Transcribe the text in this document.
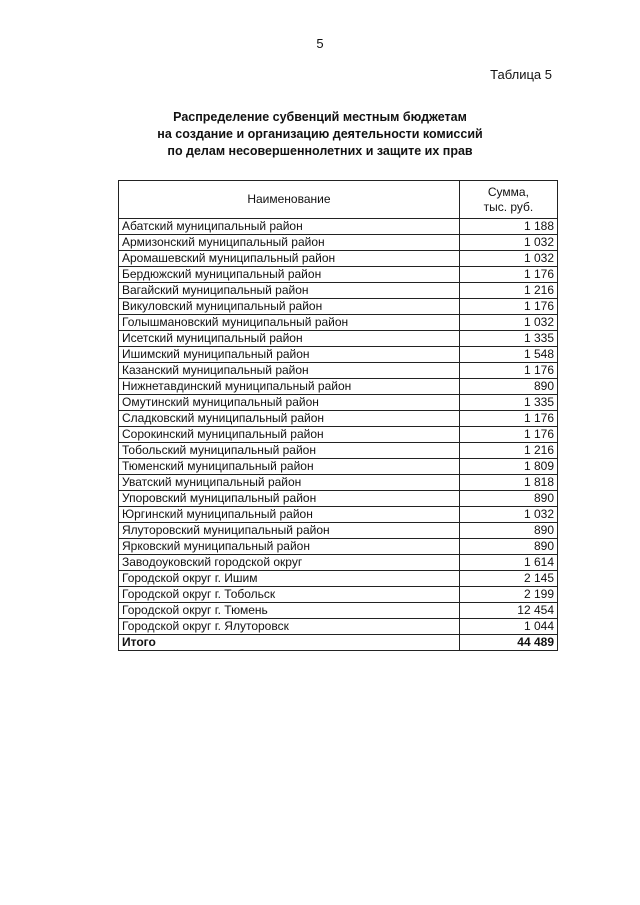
5
Таблица 5
Распределение субвенций местным бюджетам
на создание и организацию деятельности комиссий
по делам несовершеннолетних и защите их прав
Наименование	Сумма,
тыс. руб.

Абатский муниципальный район	1 188
Армизонский муниципальный район	1 032
Аромашевский муниципальный район	1 032
Бердюжский муниципальный район	1 176
Вагайский муниципальный район	1 216
Викуловский муниципальный район	1 176
Голышмановский муниципальный район	1 032
Исетский муниципальный район	1 335
Ишимский муниципальный район	1 548
Казанский муниципальный район	1 176
Нижнетавдинский муниципальный район	890
Омутинский муниципальный район	1 335
Сладковский муниципальный район	1 176
Сорокинский муниципальный район	1 176
Тобольский муниципальный район	1 216
Тюменский муниципальный район	1 809
Уватский муниципальный район	1 818
Упоровский муниципальный район	890
Юргинский муниципальный район	1 032
Ялуторовский муниципальный район	890
Ярковский муниципальный район	890
Заводоуковский городской округ	1 614
Городской округ г. Ишим	2 145
Городской округ г. Тобольск	2 199
Городской округ г. Тюмень	12 454
Городской округ г. Ялуторовск	1 044
Итого	44 489
